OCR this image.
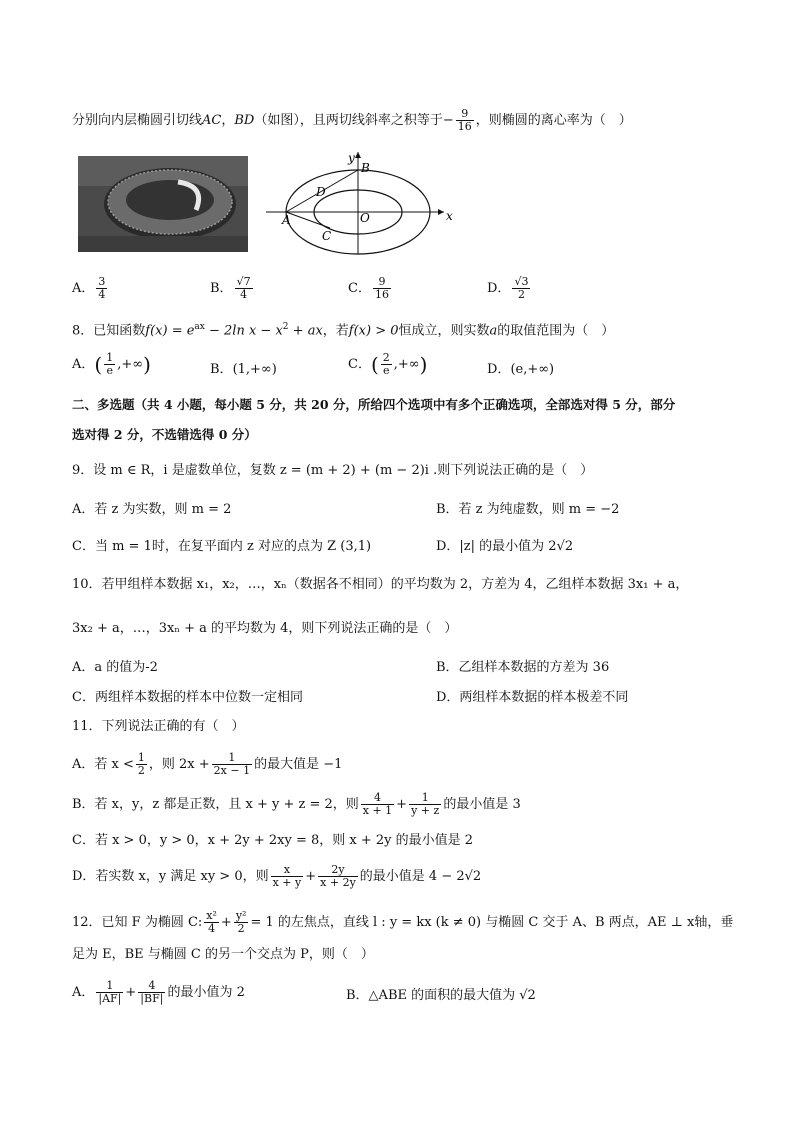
分别向内层椭圆引切线AC，BD（如图），且两切线斜率之积等于− $\frac{9}{16}$ ，则椭圆的离心率为（　）
y
x
B
D
A
C
O
A． $\frac{3}{4}$	B． $\frac{√7}{4}$	C． $\frac{9}{16}$	D． $\frac{√3}{2}$
8．已知函数$f(x) = e^{ax} - 2\ln$ $x - x^2$ + ax，若f(x) > 0恒成立，则实数a的取值范围为（　）
A．( $\frac{1}{e}$ ,+∞)	B．(1,+∞)	C．( $\frac{2}{e}$ ,+∞)	D．(e,+∞)
二、多选题（共 4 小题，每小题 5 分，共 20 分，所给四个选项中有多个正确选项，全部选对得 5 分，部分
选对得 2 分，不选错选得 0 分）
9．设 m ∈ R，i 是虚数单位，复数 z = (m + 2) + (m − 2)i .则下列说法正确的是（　）
A．若 z 为实数，则 m = 2	B．若 z 为纯虚数，则 m = −2
C．当 m = 1时，在复平面内 z 对应的点为 Z (3,1)	D．|z| 的最小值为 2√2
10．若甲组样本数据 x₁，x₂，…，xₙ（数据各不相同）的平均数为 2，方差为 4，乙组样本数据 3x₁ + a，
3x₂ + a，…，3xₙ + a 的平均数为 4，则下列说法正确的是（　）
A．a 的值为-2	B．乙组样本数据的方差为 36
C．两组样本数据的样本中位数一定相同	D．两组样本数据的样本极差不同
11．下列说法正确的有（　）
A．若 $x < \frac{1}{2}$ ，则 $2x + \frac{1}{2x - 1}$ 的最大值是 −1
B．若 x，y，z 都是正数，且 x + y + z = 2，则 $\frac{4}{x + 1} + \frac{1}{y + z}$ 的最小值是 3
C．若 x > 0，y > 0，x + 2y + 2xy = 8，则 x + 2y 的最小值是 2
D．若实数 x，y 满足 xy > 0，则 $\frac{x}{x + y} + \frac{2y}{x + 2y}$ 的最小值是 4 − 2√2
12．已知 F 为椭圆 C: $\frac{\text{x²}}{4} + \frac{\text{y²}}{2} = 1$ 的左焦点，直线 l : y = kx (k ≠ 0) 与椭圆 C 交于 A、B 两点，AE ⊥ x轴，垂
足为 E，BE 与椭圆 C 的另一个交点为 P，则（　）
A． $\frac{1}{|AF|} + \frac{4}{|BF|}$ 的最小值为 2	B．△ABE 的面积的最大值为 √2
